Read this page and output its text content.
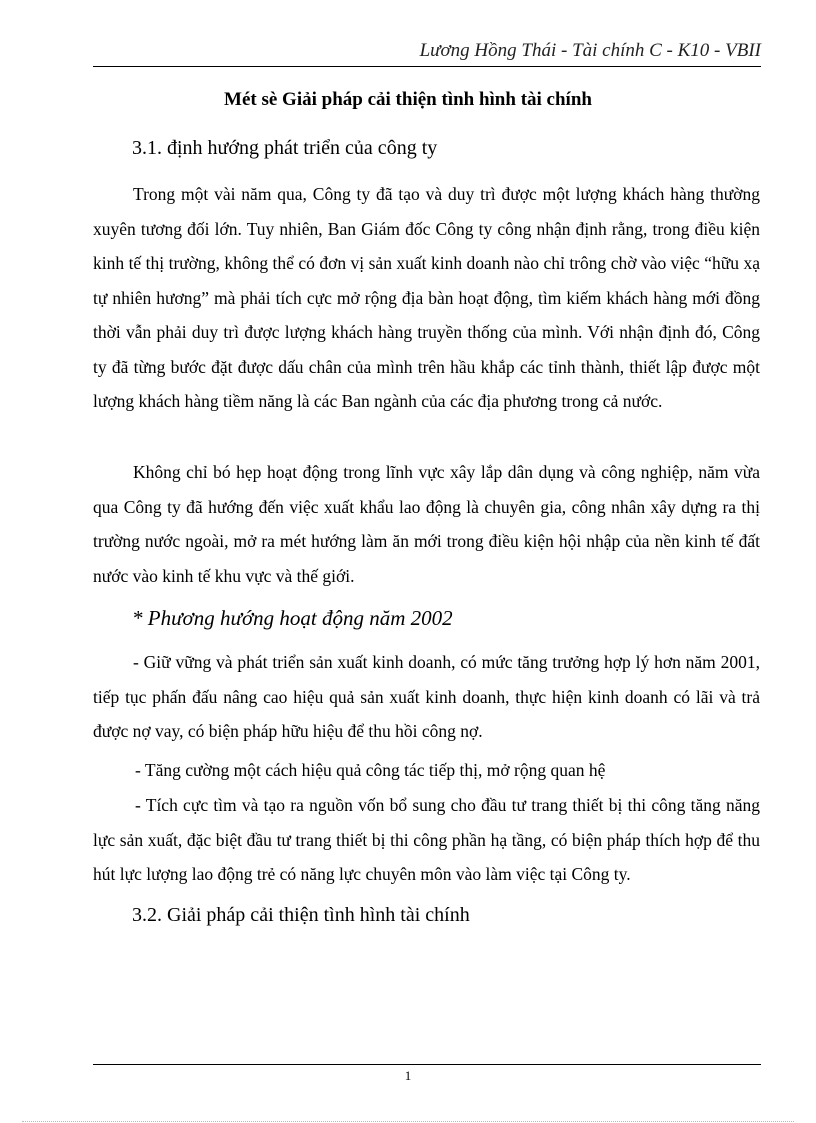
Lương Hồng Thái - Tài chính C - K10 - VBII
Mét sè Giải pháp cải thiện tình hình tài chính
3.1. định hướng phát triển của công ty

Trong một vài năm qua, Công ty đã tạo và duy trì được một lượng khách hàng thường xuyên tương đối lớn. Tuy nhiên, Ban Giám đốc Công ty công nhận định rằng, trong điều kiện kinh tế thị trường, không thể có đơn vị sản xuất kinh doanh nào chỉ trông chờ vào việc “hữu xạ tự nhiên hương” mà phải tích cực mở rộng địa bàn hoạt động, tìm kiếm khách hàng mới đồng thời vẫn phải duy trì được lượng khách hàng truyền thống của mình. Với nhận định đó, Công ty đã từng bước đặt được dấu chân của mình trên hầu khắp các tỉnh thành, thiết lập được một lượng khách hàng tiềm năng là các Ban ngành của các địa phương trong cả nước.

Không chỉ bó hẹp hoạt động trong lĩnh vực xây lắp dân dụng và công nghiệp, năm vừa qua Công ty đã hướng đến việc xuất khẩu lao động là chuyên gia, công nhân xây dựng ra thị trường nước ngoài, mở ra mét hướng làm ăn mới trong điều kiện hội nhập của nền kinh tế đất nước vào kinh tế khu vực và thế giới.

* Phương hướng hoạt động năm 2002

- Giữ vững và phát triển sản xuất kinh doanh, có mức tăng trưởng hợp lý hơn năm 2001, tiếp tục phấn đấu nâng cao hiệu quả sản xuất kinh doanh, thực hiện kinh doanh có lãi và trả được nợ vay, có biện pháp hữu hiệu để thu hồi công nợ.

- Tăng cường một cách hiệu quả công tác tiếp thị, mở rộng quan hệ

- Tích cực tìm và tạo ra nguồn vốn bổ sung cho đầu tư trang thiết bị thi công tăng năng lực sản xuất, đặc biệt đầu tư trang thiết bị thi công phần hạ tầng, có biện pháp thích hợp để thu hút lực lượng lao động trẻ có năng lực chuyên môn vào làm việc tại Công ty.

3.2. Giải pháp cải thiện tình hình tài chính
1
